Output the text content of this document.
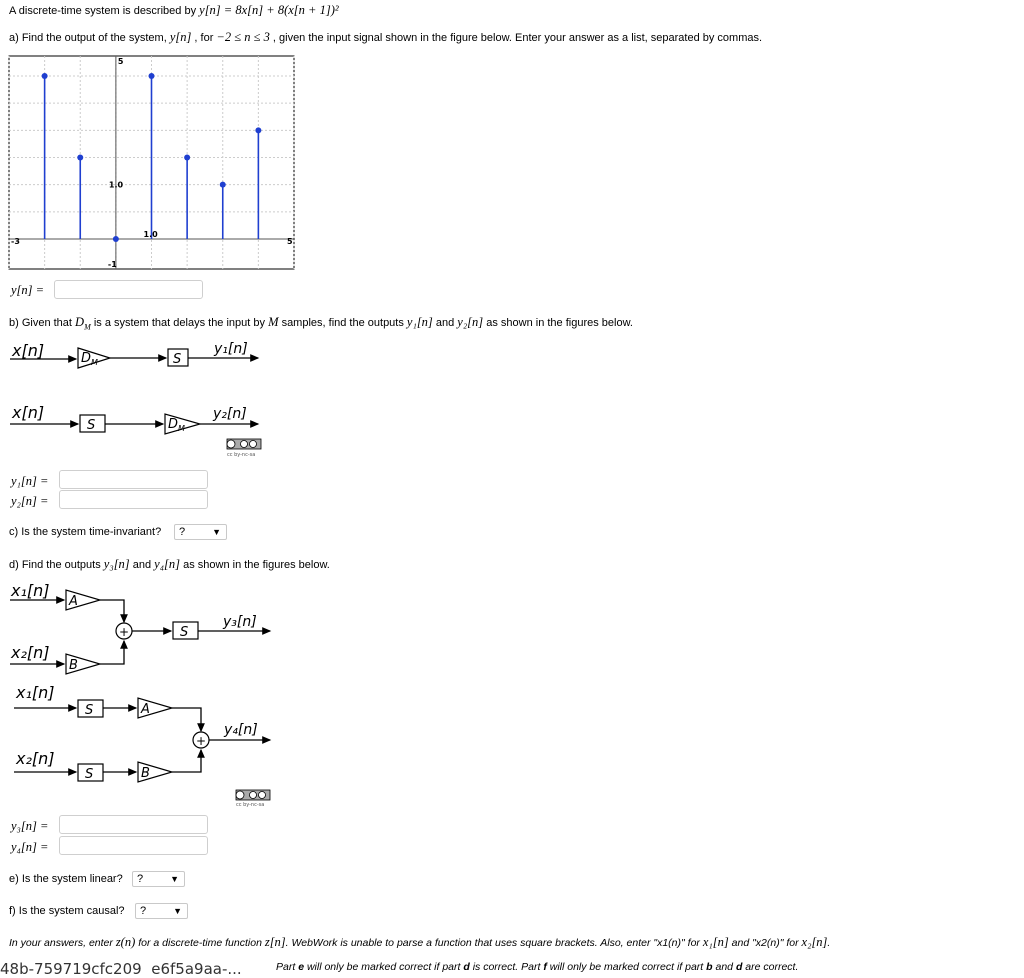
A discrete-time system is described by y[n] = 8x[n] + 8(x[n + 1])²
a) Find the output of the system, y[n] , for −2 ≤ n ≤ 3 , given the input signal shown in the figure below. Enter your answer as a list, separated by commas.
-3	5
5
-1
1.0
1.0
y[n] =
b) Given that $D_M$ is a system that delays the input by M samples, find the outputs y₁[n] and y₂[n] as shown in the figures below.
x[n]	$D_M$	S
y₁[n]
x[n]
S	$D_M$
y₂[n]
cc by-nc-sa
y₁[n] =
y₂[n] =
c) Is the system time-invariant?	?	▼
d) Find the outputs y₃[n] and y₄[n] as shown in the figures below.
x₁[n]
A
+
x₂[n]
B
S
y₃[n]
x₁[n]
S	A
+
y₄[n]
x₂[n]
S	B
cc by-nc-sa
y₃[n] =
y₄[n] =
e) Is the system linear?	?	▼
f) Is the system causal?	?	▼
In your answers, enter z(n) for a discrete-time function z[n]. WebWork is unable to parse a function that uses square brackets. Also, enter "x1(n)" for x₁[n] and "x2(n)" for x₂[n].
48b-759719cfc209 e6f5a9aa-...	Part e will only be marked correct if part d is correct. Part f will only be marked correct if part b and d are correct.
